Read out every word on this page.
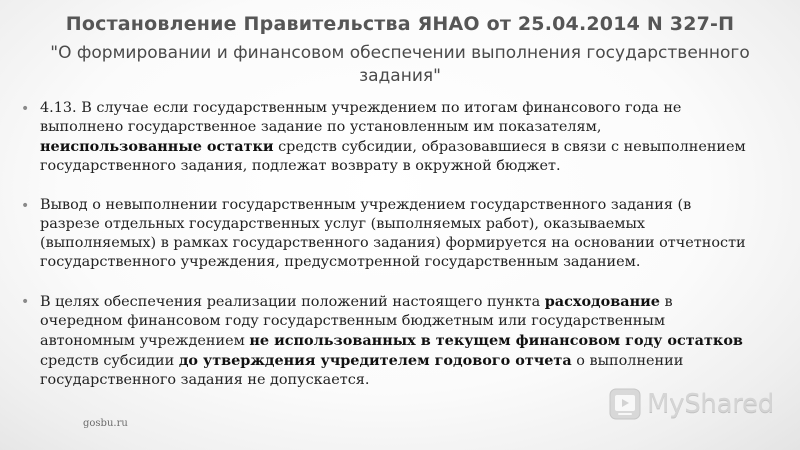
Постановление Правительства ЯНАО от 25.04.2014 N 327-П
"О формировании и финансовом обеспечении выполнения государственного задания"
• 4.13. В случае если государственным учреждением по итогам финансового года не выполнено государственное задание по установленным им показателям, неиспользованные остатки средств субсидии, образовавшиеся в связи с невыполнением государственного задания, подлежат возврату в окружной бюджет.
• Вывод о невыполнении государственным учреждением государственного задания (в разрезе отдельных государственных услуг (выполняемых работ), оказываемых (выполняемых) в рамках государственного задания) формируется на основании отчетности государственного учреждения, предусмотренной государственным заданием.
• В целях обеспечения реализации положений настоящего пункта расходование в очередном финансовом году государственным бюджетным или государственным автономным учреждением не использованных в текущем финансовом году остатков средств субсидии до утверждения учредителем годового отчета о выполнении государственного задания не допускается.
gosbu.ru
MyShared
